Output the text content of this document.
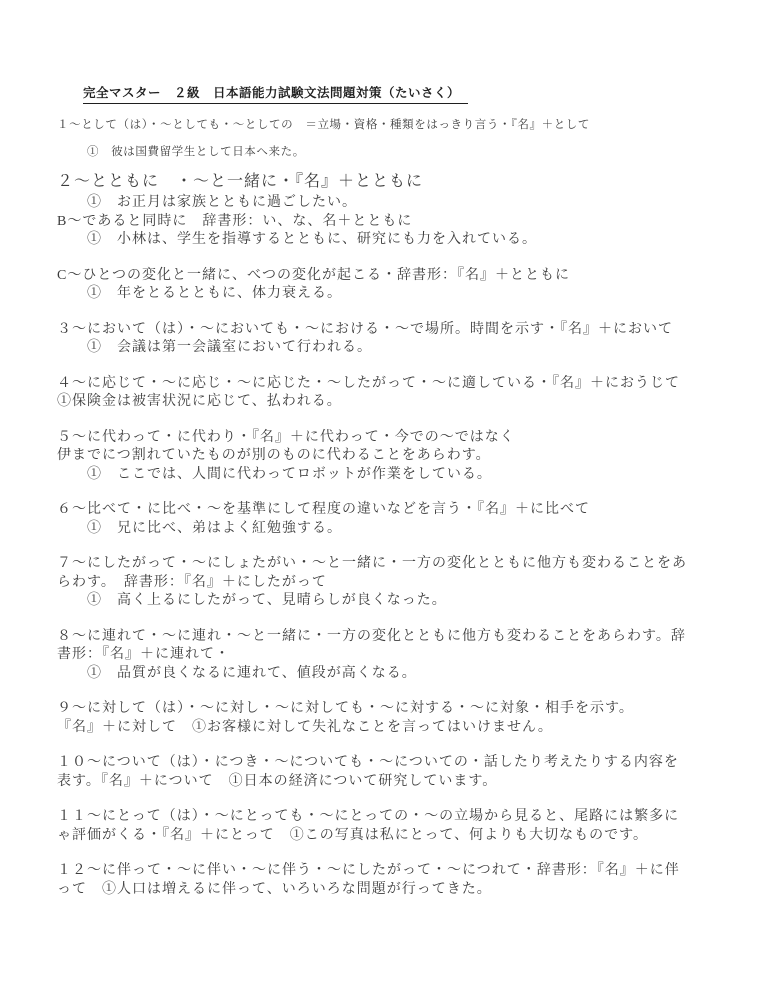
完全マスター　２級　日本語能力試験文法問題対策（たいさく）
１～として（は）・～としても・～としての　＝立場・資格・種類をはっきり言う・『名』＋として
①　彼は国費留学生として日本へ来た。
２～とともに　・～と一緒に・『名』＋とともに
①　お正月は家族とともに過ごしたい。
B～であると同時に　辞書形：い、な、名＋とともに
①　小林は、学生を指導するとともに、研究にも力を入れている。
C～ひとつの変化と一緒に、べつの変化が起こる・辞書形：『名』＋とともに
①　年をとるとともに、体力衰える。
３～において（は）・～においても・～における・～で場所。時間を示す・『名』＋において
①　会議は第一会議室において行われる。
４～に応じて・～に応じ・～に応じた・～したがって・～に適している・『名』＋におうじて
①保険金は被害状況に応じて、払われる。
５～に代わって・に代わり・『名』＋に代わって・今での～ではなく
伊までにつ割れていたものが別のものに代わることをあらわす。
①　ここでは、人間に代わってロボットが作業をしている。
６～比べて・に比べ・～を基準にして程度の違いなどを言う・『名』＋に比べて
①　兄に比べ、弟はよく紅勉強する。
７～にしたがって・～にしょたがい・～と一緒に・一方の変化とともに他方も変わることをあ
らわす。　辞書形：『名』＋にしたがって
①　高く上るにしたがって、見晴らしが良くなった。
８～に連れて・～に連れ・～と一緒に・一方の変化とともに他方も変わることをあらわす。辞
書形：『名』＋に連れて・
①　品質が良くなるに連れて、値段が高くなる。
９～に対して（は）・～に対し・～に対しても・～に対する・～に対象・相手を示す。
『名』＋に対して　①お客様に対して失礼なことを言ってはいけません。
１０～について（は）・につき・～についても・～についての・話したり考えたりする内容を
表す。『名』＋について　①日本の経済について研究しています。
１１～にとって（は）・～にとっても・～にとっての・～の立場から見ると、尾路には繁多に
ゃ評価がくる・『名』＋にとって　①この写真は私にとって、何よりも大切なものです。
１２～に伴って・～に伴い・～に伴う・～にしたがって・～につれて・辞書形：『名』＋に伴
って　①人口は増えるに伴って、いろいろな問題が行ってきた。
